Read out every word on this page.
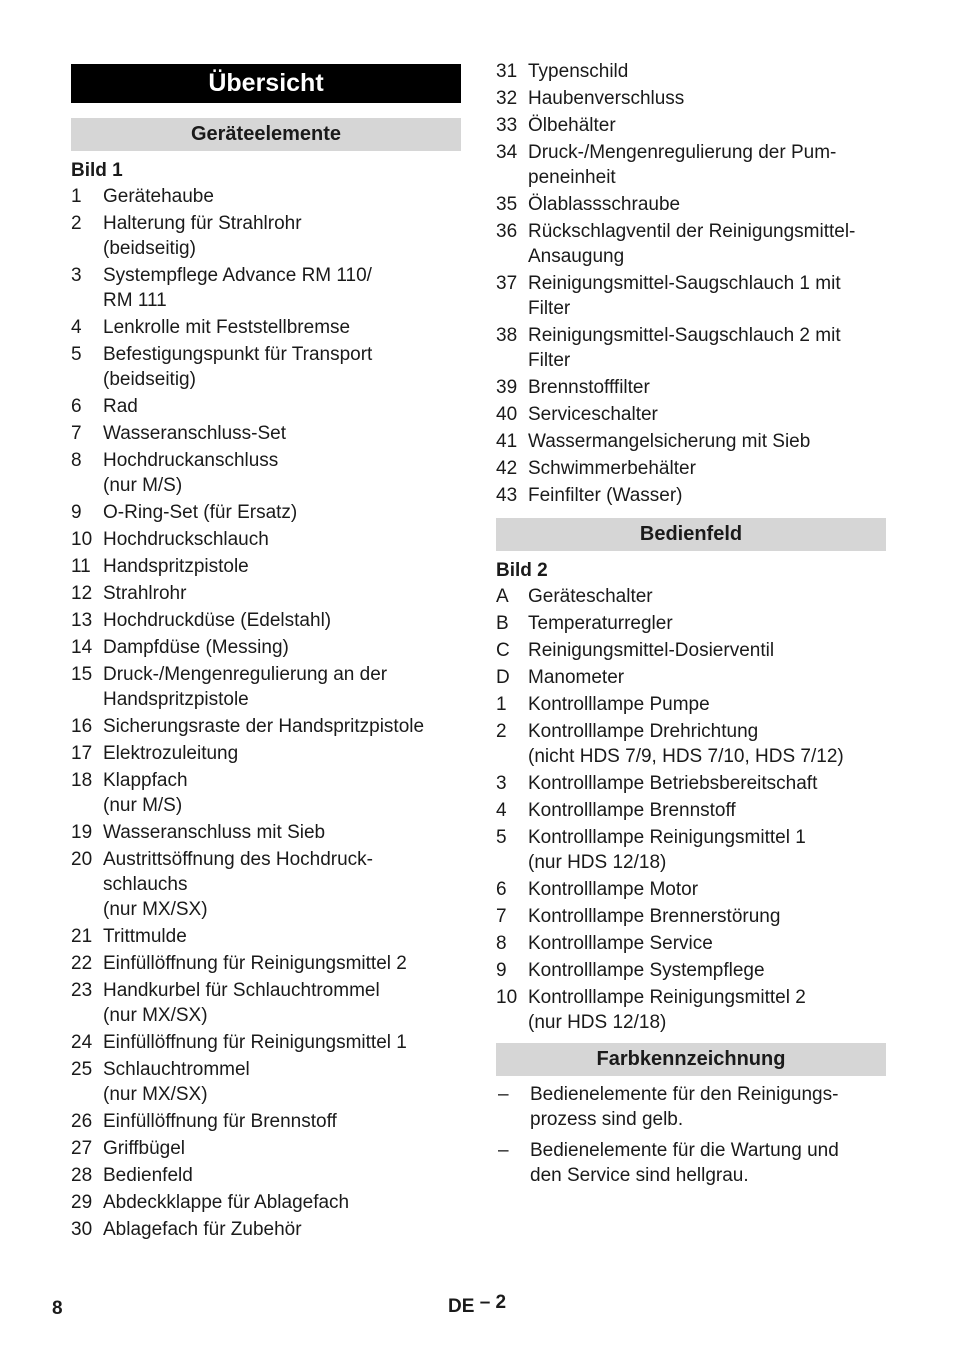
Übersicht
Geräteelemente
Bild 1
1	Gerätehaube
2	Halterung für Strahlrohr
(beidseitig)
3	Systempflege Advance RM 110/
RM 111
4	Lenkrolle mit Feststellbremse
5	Befestigungspunkt für Transport
(beidseitig)
6	Rad
7	Wasseranschluss-Set
8	Hochdruckanschluss
(nur M/S)
9	O-Ring-Set (für Ersatz)
10 Hochdruckschlauch
11 Handspritzpistole
12 Strahlrohr
13 Hochdruckdüse (Edelstahl)
14 Dampfdüse (Messing)
15 Druck-/Mengenregulierung an der
Handspritzpistole
16 Sicherungsraste der Handspritzpistole
17 Elektrozuleitung
18 Klappfach
(nur M/S)
19 Wasseranschluss mit Sieb
20 Austrittsöffnung des Hochdruck-
schlauchs
(nur MX/SX)
21 Trittmulde
22 Einfüllöffnung für Reinigungsmittel 2
23 Handkurbel für Schlauchtrommel
(nur MX/SX)
24 Einfüllöffnung für Reinigungsmittel 1
25 Schlauchtrommel
(nur MX/SX)
26 Einfüllöffnung für Brennstoff
27 Griffbügel
28 Bedienfeld
29 Abdeckklappe für Ablagefach
30 Ablagefach für Zubehör
31 Typenschild
32 Haubenverschluss
33 Ölbehälter
34 Druck-/Mengenregulierung der Pum-
peneinheit
35 Ölablassschraube
36 Rückschlagventil der Reinigungsmittel-
Ansaugung
37 Reinigungsmittel-Saugschlauch 1 mit
Filter
38 Reinigungsmittel-Saugschlauch 2 mit
Filter
39 Brennstofffilter
40 Serviceschalter
41 Wassermangelsicherung mit Sieb
42 Schwimmerbehälter
43 Feinfilter (Wasser)
Bedienfeld
Bild 2
A	Geräteschalter
B	Temperaturregler
C Reinigungsmittel-Dosierventil
D Manometer
1	Kontrolllampe Pumpe
2	Kontrolllampe Drehrichtung
(nicht HDS 7/9, HDS 7/10, HDS 7/12)
3	Kontrolllampe Betriebsbereitschaft
4	Kontrolllampe Brennstoff
5	Kontrolllampe Reinigungsmittel 1
(nur HDS 12/18)
6	Kontrolllampe Motor
7	Kontrolllampe Brennerstörung
8	Kontrolllampe Service
9	Kontrolllampe Systempflege
10 Kontrolllampe Reinigungsmittel 2
(nur HDS 12/18)
Farbkennzeichnung
–	Bedienelemente für den Reinigungs-
prozess sind gelb.
–	Bedienelemente für die Wartung und
den Service sind hellgrau.
8	DE – 2
